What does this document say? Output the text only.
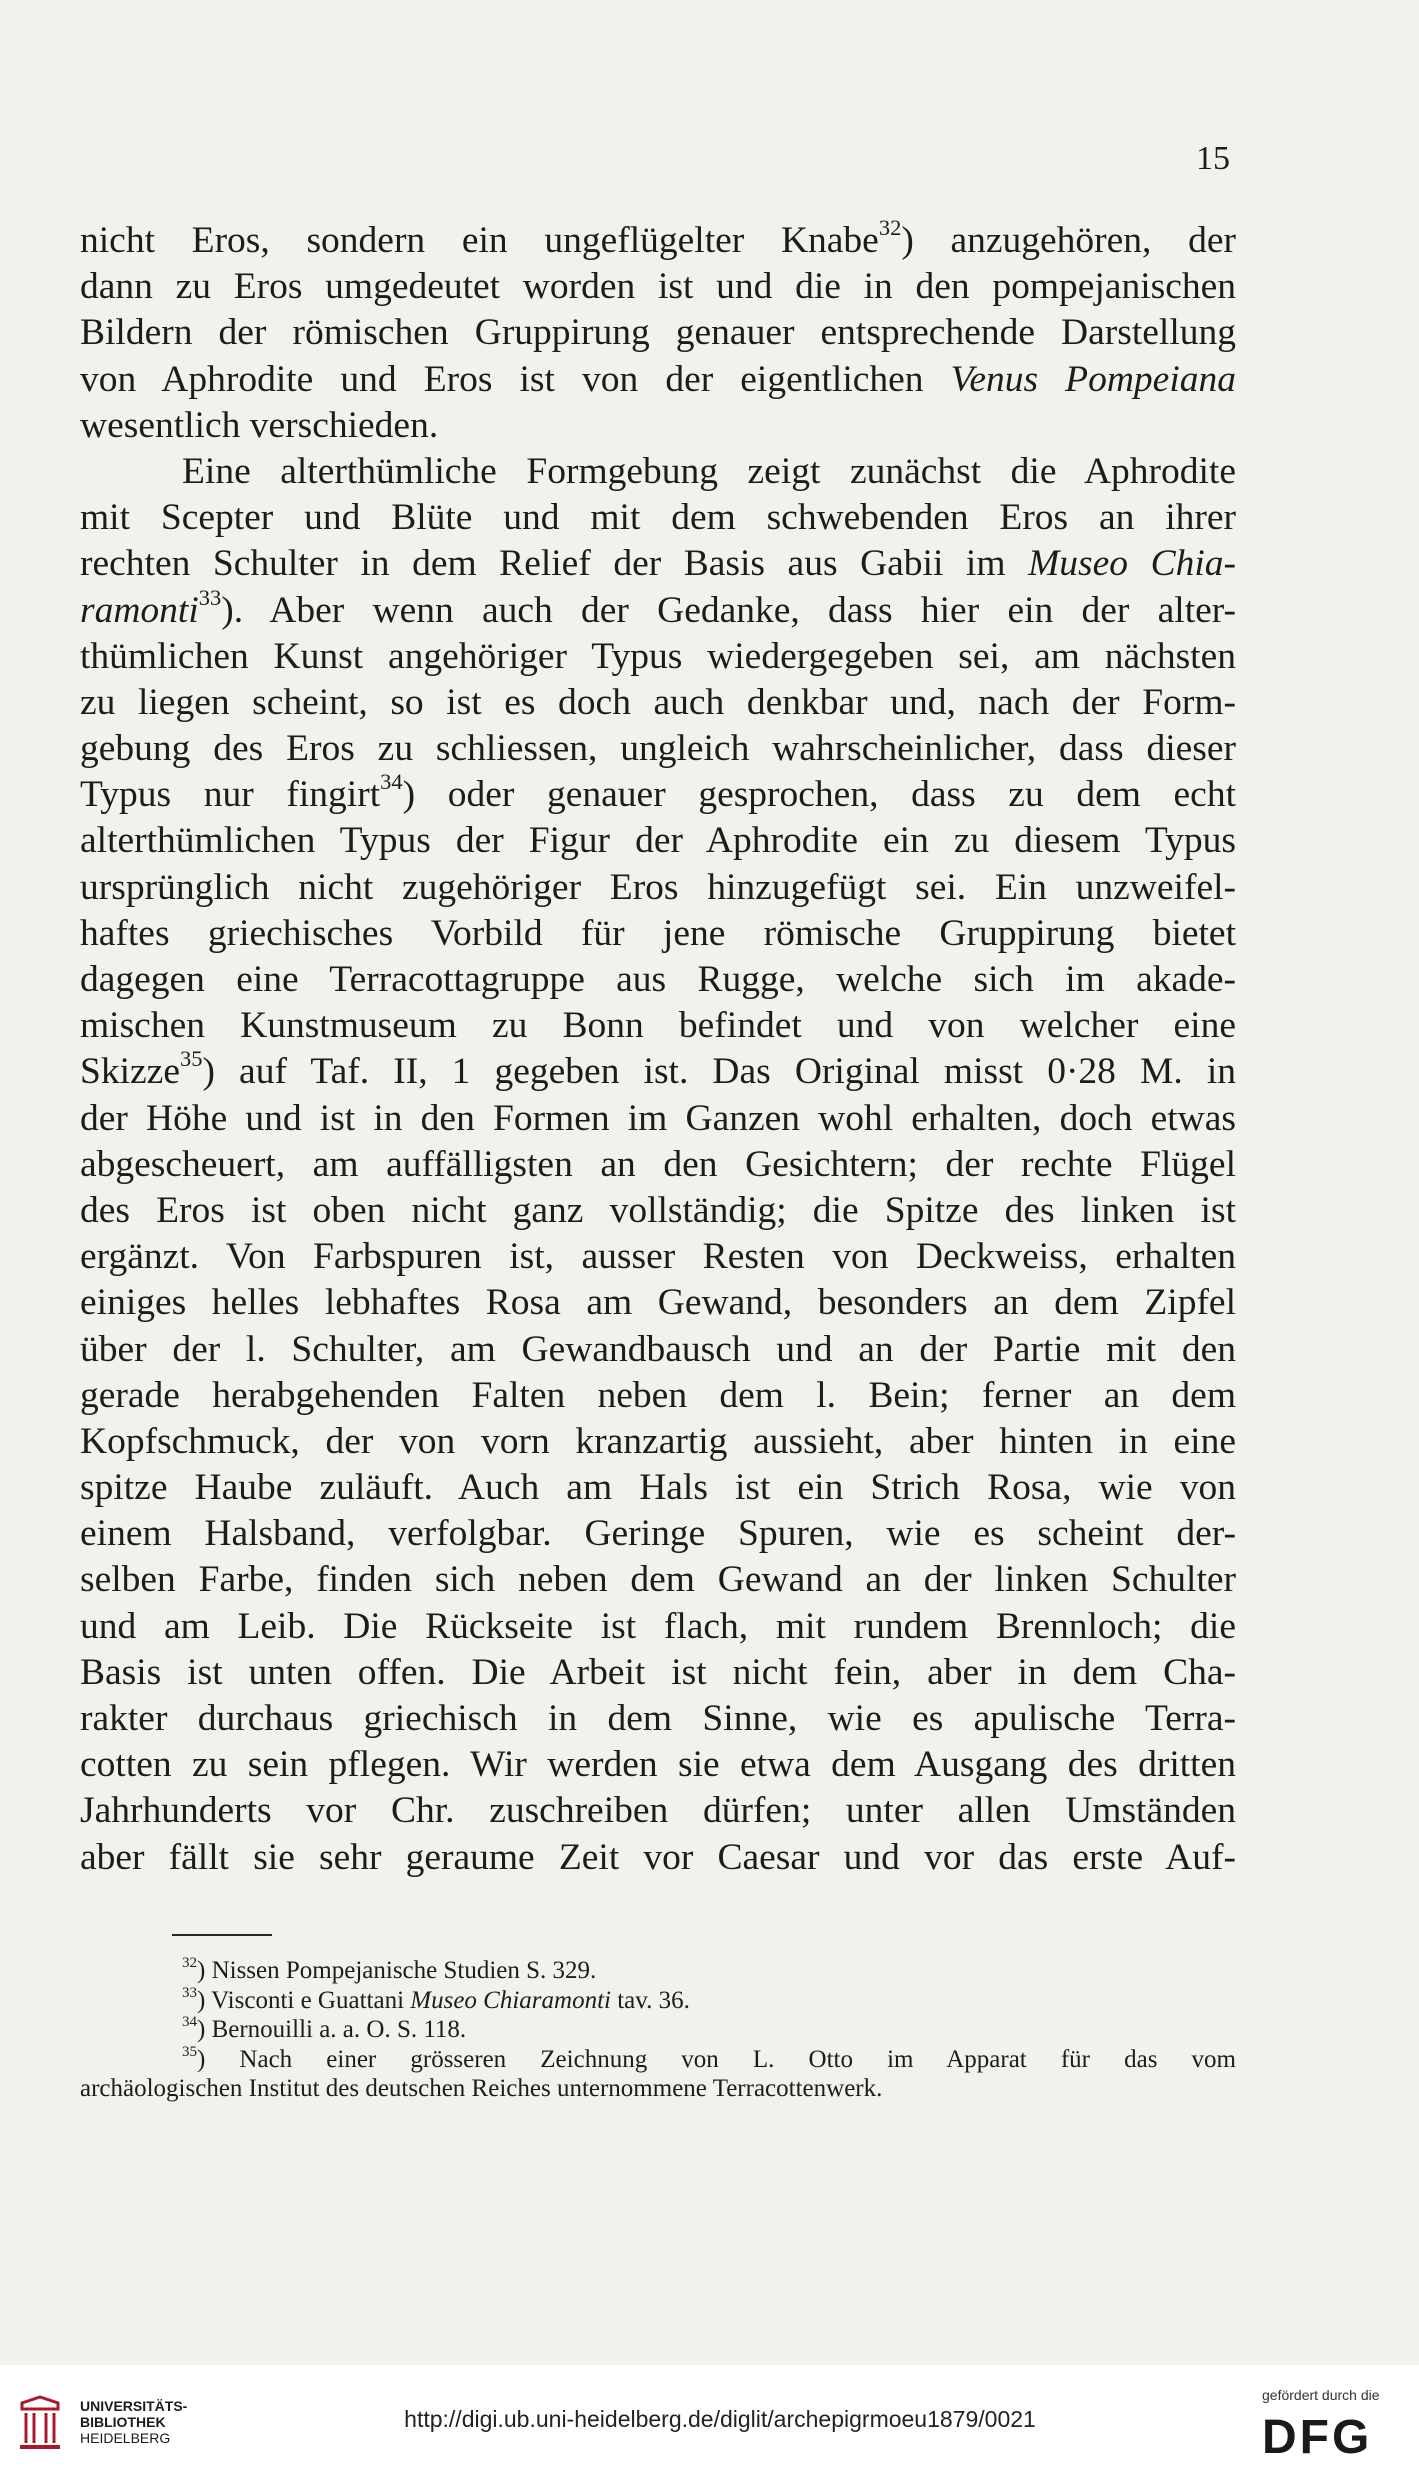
15
nicht Eros, sondern ein ungeflügelter Knabe$^{32}$) anzugehören, der
dann zu Eros umgedeutet worden ist und die in den pompejanischen
Bildern der römischen Gruppirung genauer entsprechende Darstellung
von Aphrodite und Eros ist von der eigentlichen Venus Pompeiana
wesentlich verschieden.
Eine alterthümliche Formgebung zeigt zunächst die Aphrodite
mit Scepter und Blüte und mit dem schwebenden Eros an ihrer
rechten Schulter in dem Relief der Basis aus Gabii im Museo Chia-
ramonti$^{33}$). Aber wenn auch der Gedanke, dass hier ein der alter-
thümlichen Kunst angehöriger Typus wiedergegeben sei, am nächsten
zu liegen scheint, so ist es doch auch denkbar und, nach der Form-
gebung des Eros zu schliessen, ungleich wahrscheinlicher, dass dieser
Typus nur fingirt$^{34}$) oder genauer gesprochen, dass zu dem echt
alterthümlichen Typus der Figur der Aphrodite ein zu diesem Typus
ursprünglich nicht zugehöriger Eros hinzugefügt sei. Ein unzweifel-
haftes griechisches Vorbild für jene römische Gruppirung bietet
dagegen eine Terracottagruppe aus Rugge, welche sich im akade-
mischen Kunstmuseum zu Bonn befindet und von welcher eine
Skizze$^{35}$) auf Taf. II, 1 gegeben ist. Das Original misst 0·28 M. in
der Höhe und ist in den Formen im Ganzen wohl erhalten, doch etwas
abgescheuert, am auffälligsten an den Gesichtern; der rechte Flügel
des Eros ist oben nicht ganz vollständig; die Spitze des linken ist
ergänzt. Von Farbspuren ist, ausser Resten von Deckweiss, erhalten
einiges helles lebhaftes Rosa am Gewand, besonders an dem Zipfel
über der l. Schulter, am Gewandbausch und an der Partie mit den
gerade herabgehenden Falten neben dem l. Bein; ferner an dem
Kopfschmuck, der von vorn kranzartig aussieht, aber hinten in eine
spitze Haube zuläuft. Auch am Hals ist ein Strich Rosa, wie von
einem Halsband, verfolgbar. Geringe Spuren, wie es scheint der-
selben Farbe, finden sich neben dem Gewand an der linken Schulter
und am Leib. Die Rückseite ist flach, mit rundem Brennloch; die
Basis ist unten offen. Die Arbeit ist nicht fein, aber in dem Cha-
rakter durchaus griechisch in dem Sinne, wie es apulische Terra-
cotten zu sein pflegen. Wir werden sie etwa dem Ausgang des dritten
Jahrhunderts vor Chr. zuschreiben dürfen; unter allen Umständen
aber fällt sie sehr geraume Zeit vor Caesar und vor das erste Auf-
$^{32}$) Nissen Pompejanische Studien S. 329.
$^{33}$) Visconti e Guattani Museo Chiaramonti tav. 36.
$^{34}$) Bernouilli a. a. O. S. 118.
$^{35}$) Nach einer grösseren Zeichnung von L. Otto im Apparat für das vom
archäologischen Institut des deutschen Reiches unternommene Terracottenwerk.
UNIVERSITÄTS-
BIBLIOTHEK
HEIDELBERG
http://digi.ub.uni-heidelberg.de/diglit/archepigrmoeu1879/0021
gefördert durch die
DFG
